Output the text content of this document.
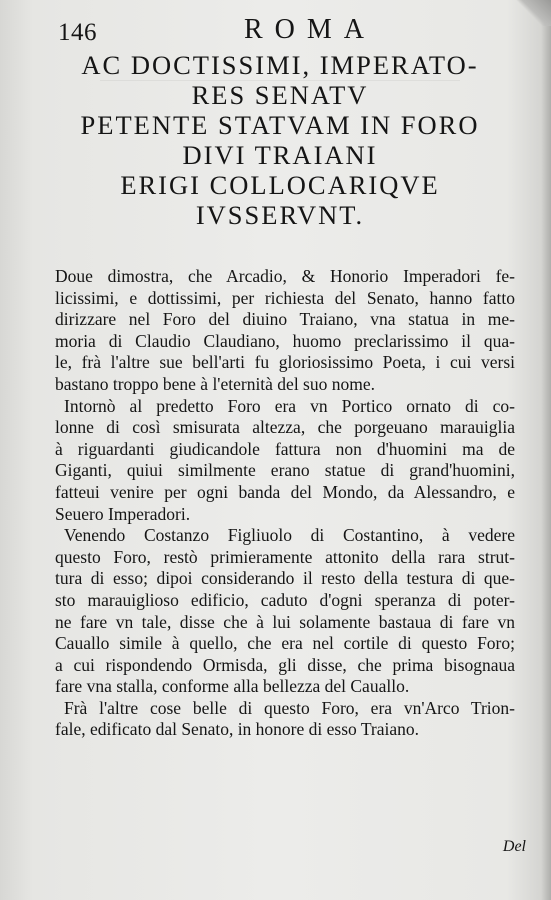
146	ROMA
AC DOCTISSIMI, IMPERATO-
RES SENATV
PETENTE STATVAM IN FORO
DIVI TRAIANI
ERIGI COLLOCARIQVE
IVSSERVNT.
Doue dimostra, che Arcadio, & Honorio Imperadori fe-
licissimi, e dottissimi, per richiesta del Senato, hanno fatto
dirizzare nel Foro del diuino Traiano, vna statua in me-
moria di Claudio Claudiano, huomo preclarissimo il qua-
le, frà l'altre sue bell'arti fu gloriosissimo Poeta, i cui versi
bastano troppo bene à l'eternità del suo nome.
Intornò al predetto Foro era vn Portico ornato di co-
lonne di così smisurata altezza, che porgeuano marauiglia
à riguardanti giudicandole fattura non d'huomini ma de
Giganti, quiui similmente erano statue di grand'huomini,
fatteui venire per ogni banda del Mondo, da Alessandro, e
Seuero Imperadori.
Venendo Costanzo Figliuolo di Costantino, à vedere
questo Foro, restò primieramente attonito della rara strut-
tura di esso; dipoi considerando il resto della testura di que-
sto marauiglioso edificio, caduto d'ogni speranza di poter-
ne fare vn tale, disse che à lui solamente bastaua di fare vn
Cauallo simile à quello, che era nel cortile di questo Foro;
a cui rispondendo Ormisda, gli disse, che prima bisognaua
fare vna stalla, conforme alla bellezza del Cauallo.
Frà l'altre cose belle di questo Foro, era vn'Arco Trion-
fale, edificato dal Senato, in honore di esso Traiano.
Del
